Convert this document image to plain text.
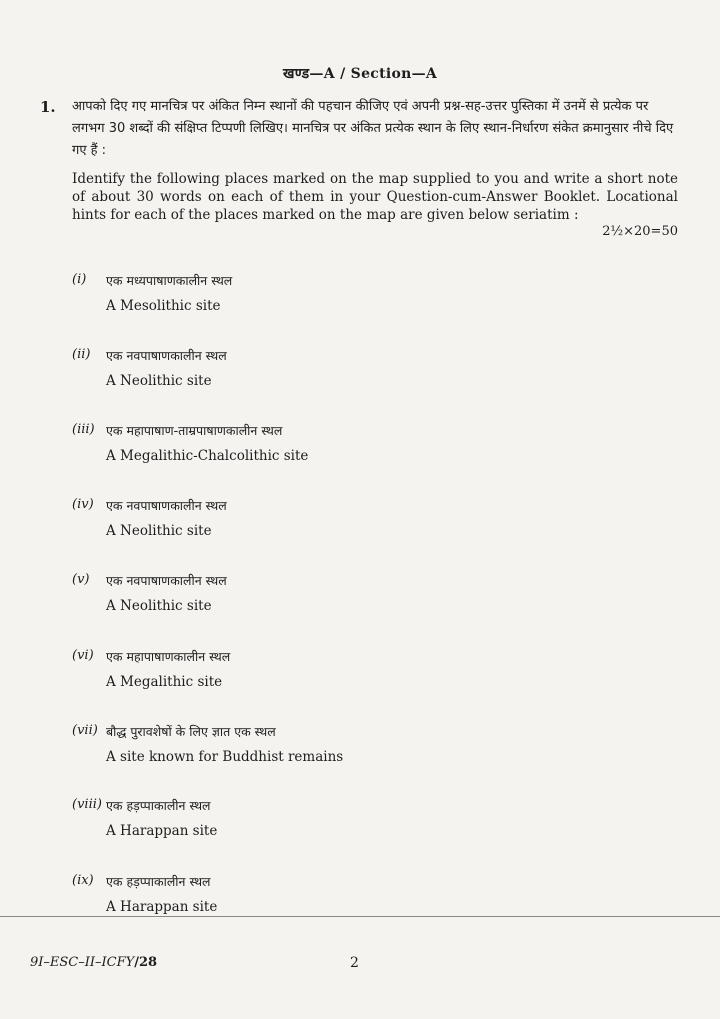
खण्ड—A / Section—A
1. आपको दिए गए मानचित्र पर अंकित निम्न स्थानों की पहचान कीजिए एवं अपनी प्रश्न-सह-उत्तर पुस्तिका में उनमें से प्रत्येक पर लगभग 30 शब्दों की संक्षिप्त टिप्पणी लिखिए। मानचित्र पर अंकित प्रत्येक स्थान के लिए स्थान-निर्धारण संकेत क्रमानुसार नीचे दिए गए हैं :
Identify the following places marked on the map supplied to you and write a short note of about 30 words on each of them in your Question-cum-Answer Booklet. Locational hints for each of the places marked on the map are given below seriatim :
2½×20=50
(i)	एक मध्यपाषाणकालीन स्थल
A Mesolithic site
(ii)	एक नवपाषाणकालीन स्थल
A Neolithic site
(iii) एक महापाषाण-ताम्रपाषाणकालीन स्थल
A Megalithic-Chalcolithic site
(iv) एक नवपाषाणकालीन स्थल
A Neolithic site
(v)	एक नवपाषाणकालीन स्थल
A Neolithic site
(vi) एक महापाषाणकालीन स्थल
A Megalithic site
(vii) बौद्ध पुरावशेषों के लिए ज्ञात एक स्थल
A site known for Buddhist remains
(viii) एक हड़प्पाकालीन स्थल
A Harappan site
(ix) एक हड़प्पाकालीन स्थल
A Harappan site
9I–ESC–II–ICFY/28	2
